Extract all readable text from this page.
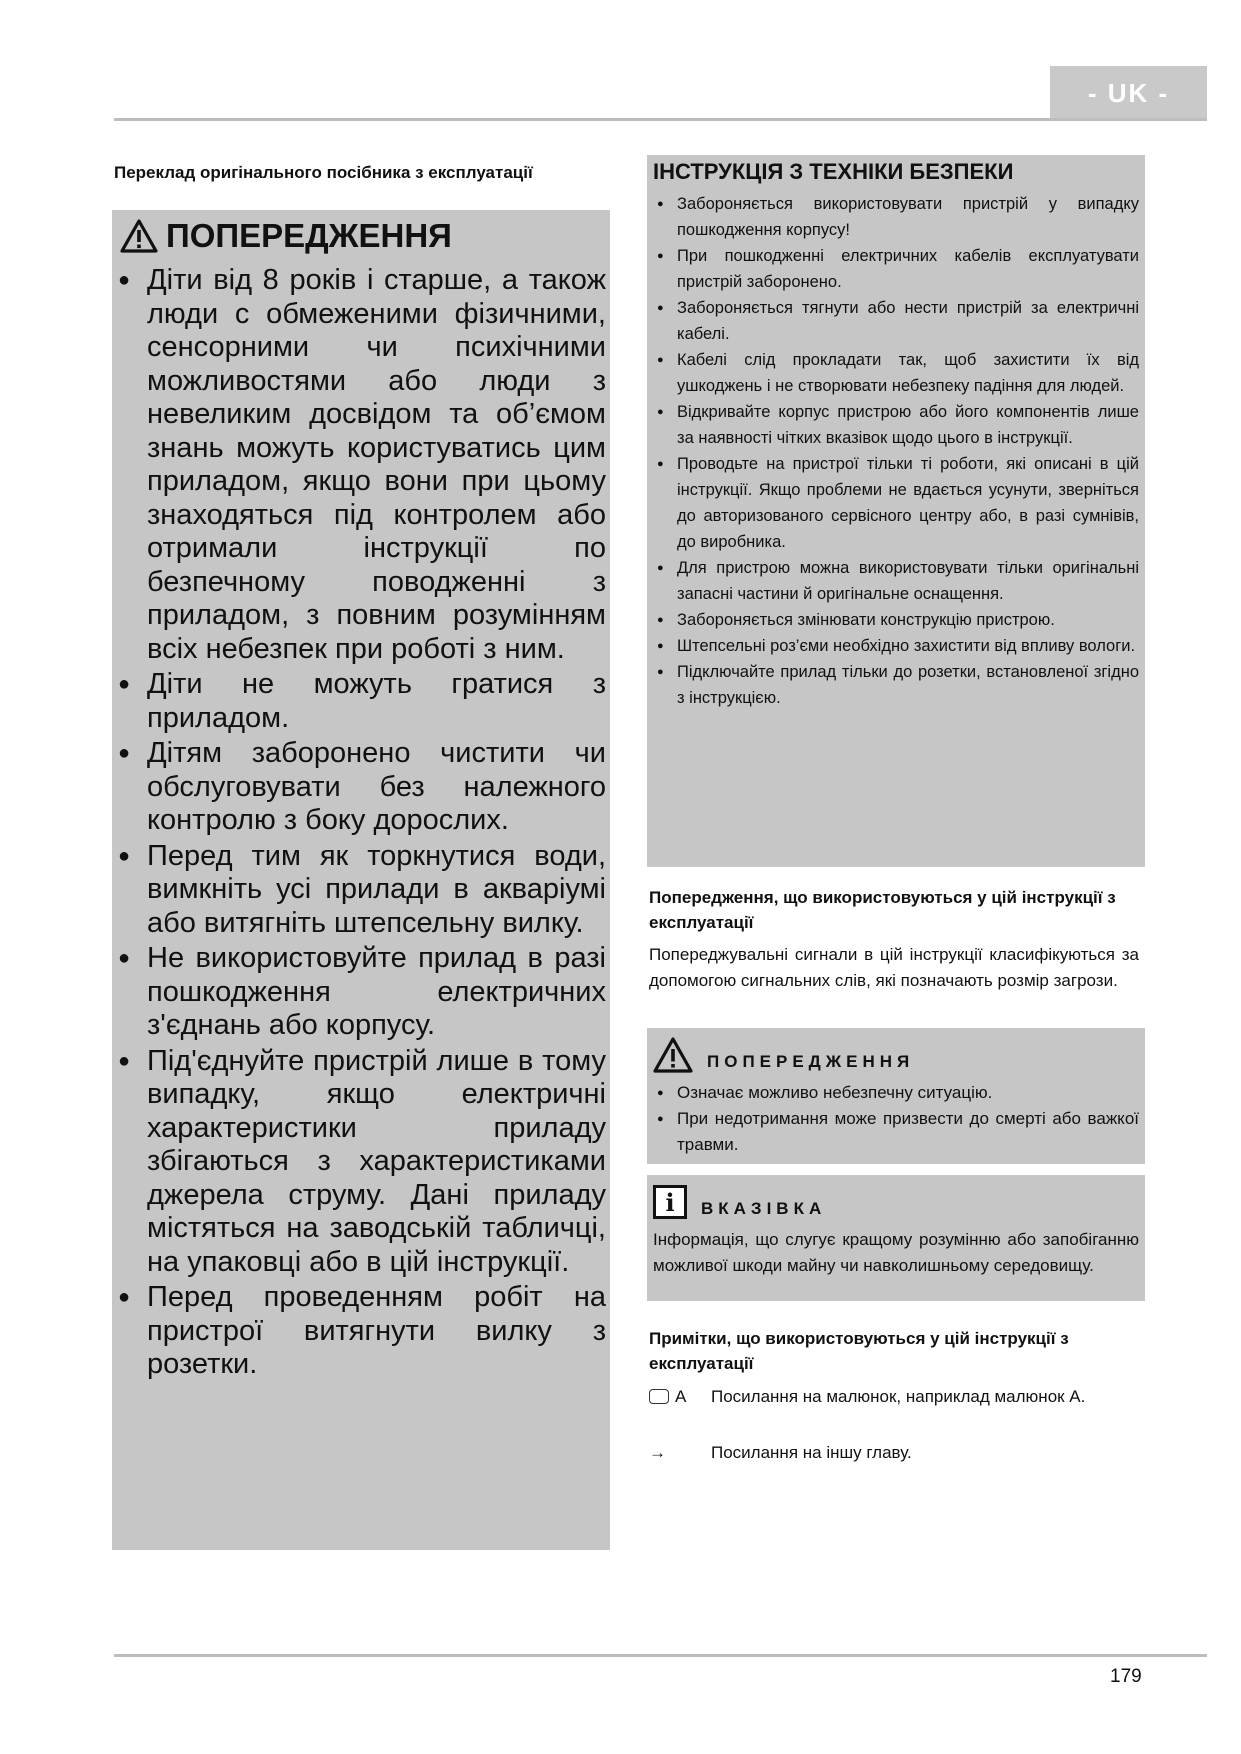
- UK -
Переклад оригінального посібника з експлуатації
ПОПЕРЕДЖЕННЯ
● Діти від 8 років і старше, а також люди с обмеженими фізичними, сенсорними чи психічними можливостями або люди з невеликим досвідом та об’ємом знань можуть користуватись цим приладом, якщо вони при цьому знаходяться під контролем або отримали інструкції по безпечному поводженні з приладом, з повним розумінням всіх небезпек при роботі з ним.
● Діти не можуть гратися з приладом.
● Дітям заборонено чистити чи обслуговувати без належного контролю з боку дорослих.
● Перед тим як торкнутися води, вимкніть усі прилади в акваріумі або витягніть штепсельну вилку.
● Не використовуйте прилад в разі пошкодження електричних з'єднань або корпусу.
● Під'єднуйте пристрій лише в тому випадку, якщо електричні характеристики приладу збігаються з характеристиками джерела струму. Дані приладу містяться на заводській табличці, на упаковці або в цій інструкції.
● Перед проведенням робіт на пристрої витягнути вилку з розетки.
ІНСТРУКЦІЯ З ТЕХНІКИ БЕЗПЕКИ
● Забороняється використовувати пристрій у випадку пошкодження корпусу!
● При пошкодженні електричних кабелів експлуатувати пристрій заборонено.
● Забороняється тягнути або нести пристрій за електричні кабелі.
● Кабелі слід прокладати так, щоб захистити їх від ушкоджень і не створювати небезпеку падіння для людей.
● Відкривайте корпус пристрою або його компонентів лише за наявності чітких вказівок щодо цього в інструкції.
● Проводьте на пристрої тільки ті роботи, які описані в цій інструкції. Якщо проблеми не вдається усунути, зверніться до авторизованого сервісного центру або, в разі сумнівів, до виробника.
● Для пристрою можна використовувати тільки оригінальні запасні частини й оригінальне оснащення.
● Забороняється змінювати конструкцію пристрою.
● Штепсельні роз’єми необхідно захистити від впливу вологи.
● Підключайте прилад тільки до розетки, встановленої згідно з інструкцією.
Попередження, що використовуються у цій інструкції з експлуатації
Попереджувальні сигнали в цій інструкції класифікуються за допомогою сигнальних слів, які позначають розмір загрози.
ПОПЕРЕДЖЕННЯ
● Означає можливо небезпечну ситуацію.
● При недотримання може призвести до смерті або важкої травми.
i	ВКАЗІВКА

Інформація, що слугує кращому розумінню або запобіганню можливої шкоди майну чи навколишньому середовищу.

Примітки, що використовуються у цій інструкції з експлуатації
A Посилання на малюнок, наприклад малюнок А.
→	Посилання на іншу главу.
179
